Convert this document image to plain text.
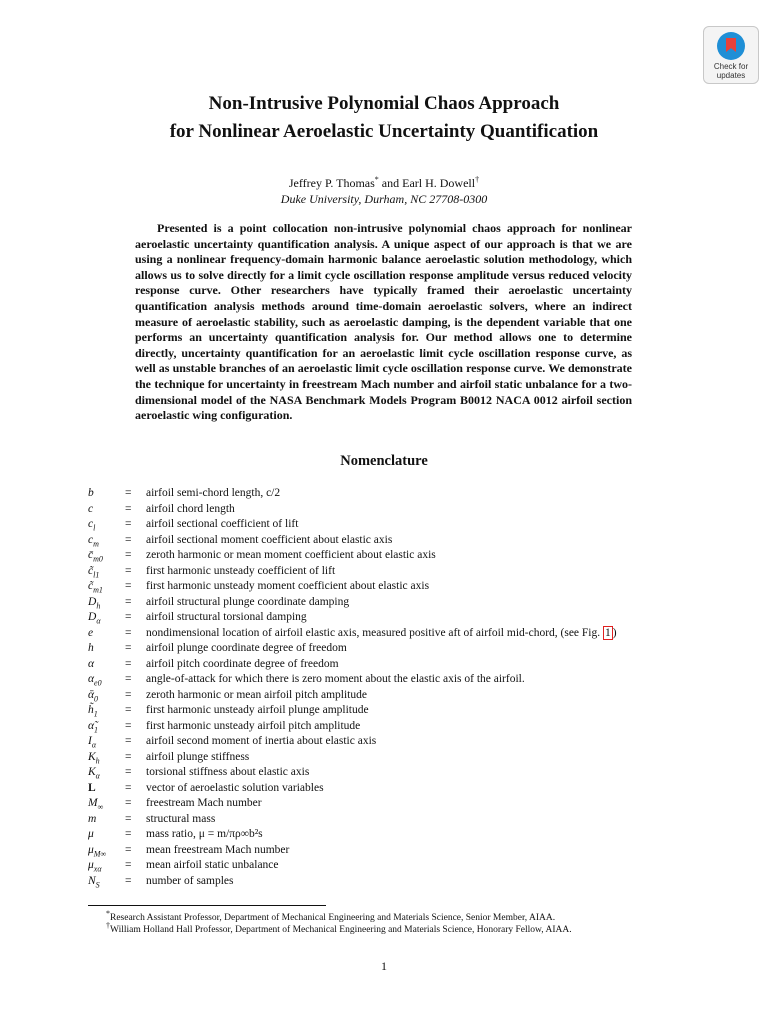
Check for
updates
Non-Intrusive Polynomial Chaos Approach
for Nonlinear Aeroelastic Uncertainty Quantification
Jeffrey P. Thomas* and Earl H. Dowell†
Duke University, Durham, NC 27708-0300

Presented is a point collocation non-intrusive polynomial chaos approach for nonlinear aeroelastic uncertainty quantification analysis. A unique aspect of our approach is that we are using a nonlinear frequency-domain harmonic balance aeroelastic solution methodology, which allows us to solve directly for a limit cycle oscillation response amplitude versus reduced velocity response curve. Other researchers have typically framed their aeroelastic uncertainty quantification analysis methods around time-domain aeroelastic solvers, where an indirect measure of aeroelastic stability, such as aeroelastic damping, is the dependent variable that one performs an uncertainty quantification analysis for. Our method allows one to determine directly, uncertainty quantification for an aeroelastic limit cycle oscillation response curve, as well as unstable branches of an aeroelastic limit cycle oscillation response curve. We demonstrate the technique for uncertainty in freestream Mach number and airfoil static unbalance for a two-dimensional model of the NASA Benchmark Models Program B0012 NACA 0012 airfoil section aeroelastic wing configuration.

Nomenclature
b	= airfoil semi-chord length, c/2
c	= airfoil chord length
$c_l$	= airfoil sectional coefficient of lift
$c_m$ = airfoil sectional moment coefficient about elastic axis
$c̄_{m0}$ = zeroth harmonic or mean moment coefficient about elastic axis
$c̃_{l1}$ = first harmonic unsteady coefficient of lift
$c̃_{m1}$ = first harmonic unsteady moment coefficient about elastic axis
$D_h$ = airfoil structural plunge coordinate damping
$D_\alpha$ = airfoil structural torsional damping
e	= nondimensional location of airfoil elastic axis, measured positive aft of airfoil mid-chord, (see Fig. 1 )
h	= airfoil plunge coordinate degree of freedom
α	= airfoil pitch coordinate degree of freedom
$\alpha_{e0}$ = angle-of-attack for which there is zero moment about the elastic axis of the airfoil.
ᾱ$_0$ = zeroth harmonic or mean airfoil pitch amplitude
$h̃_1$ = first harmonic unsteady airfoil plunge amplitude
$\alphã_1$ = first harmonic unsteady airfoil pitch amplitude
$I_\alpha$	= airfoil second moment of inertia about elastic axis
$K_h$ = airfoil plunge stiffness
$K_\alpha$ = torsional stiffness about elastic axis
L	= vector of aeroelastic solution variables
$M_\infty$ = freestream Mach number
m = structural mass
μ	= mass ratio, μ = m/πρ∞b²s
$\mu_{M\infty}$ = mean freestream Mach number
$\mu_{x\alpha}$ = mean airfoil static unbalance
$N_S$ = number of samples
*Research Assistant Professor, Department of Mechanical Engineering and Materials Science, Senior Member, AIAA.
†William Holland Hall Professor, Department of Mechanical Engineering and Materials Science, Honorary Fellow, AIAA.
1
